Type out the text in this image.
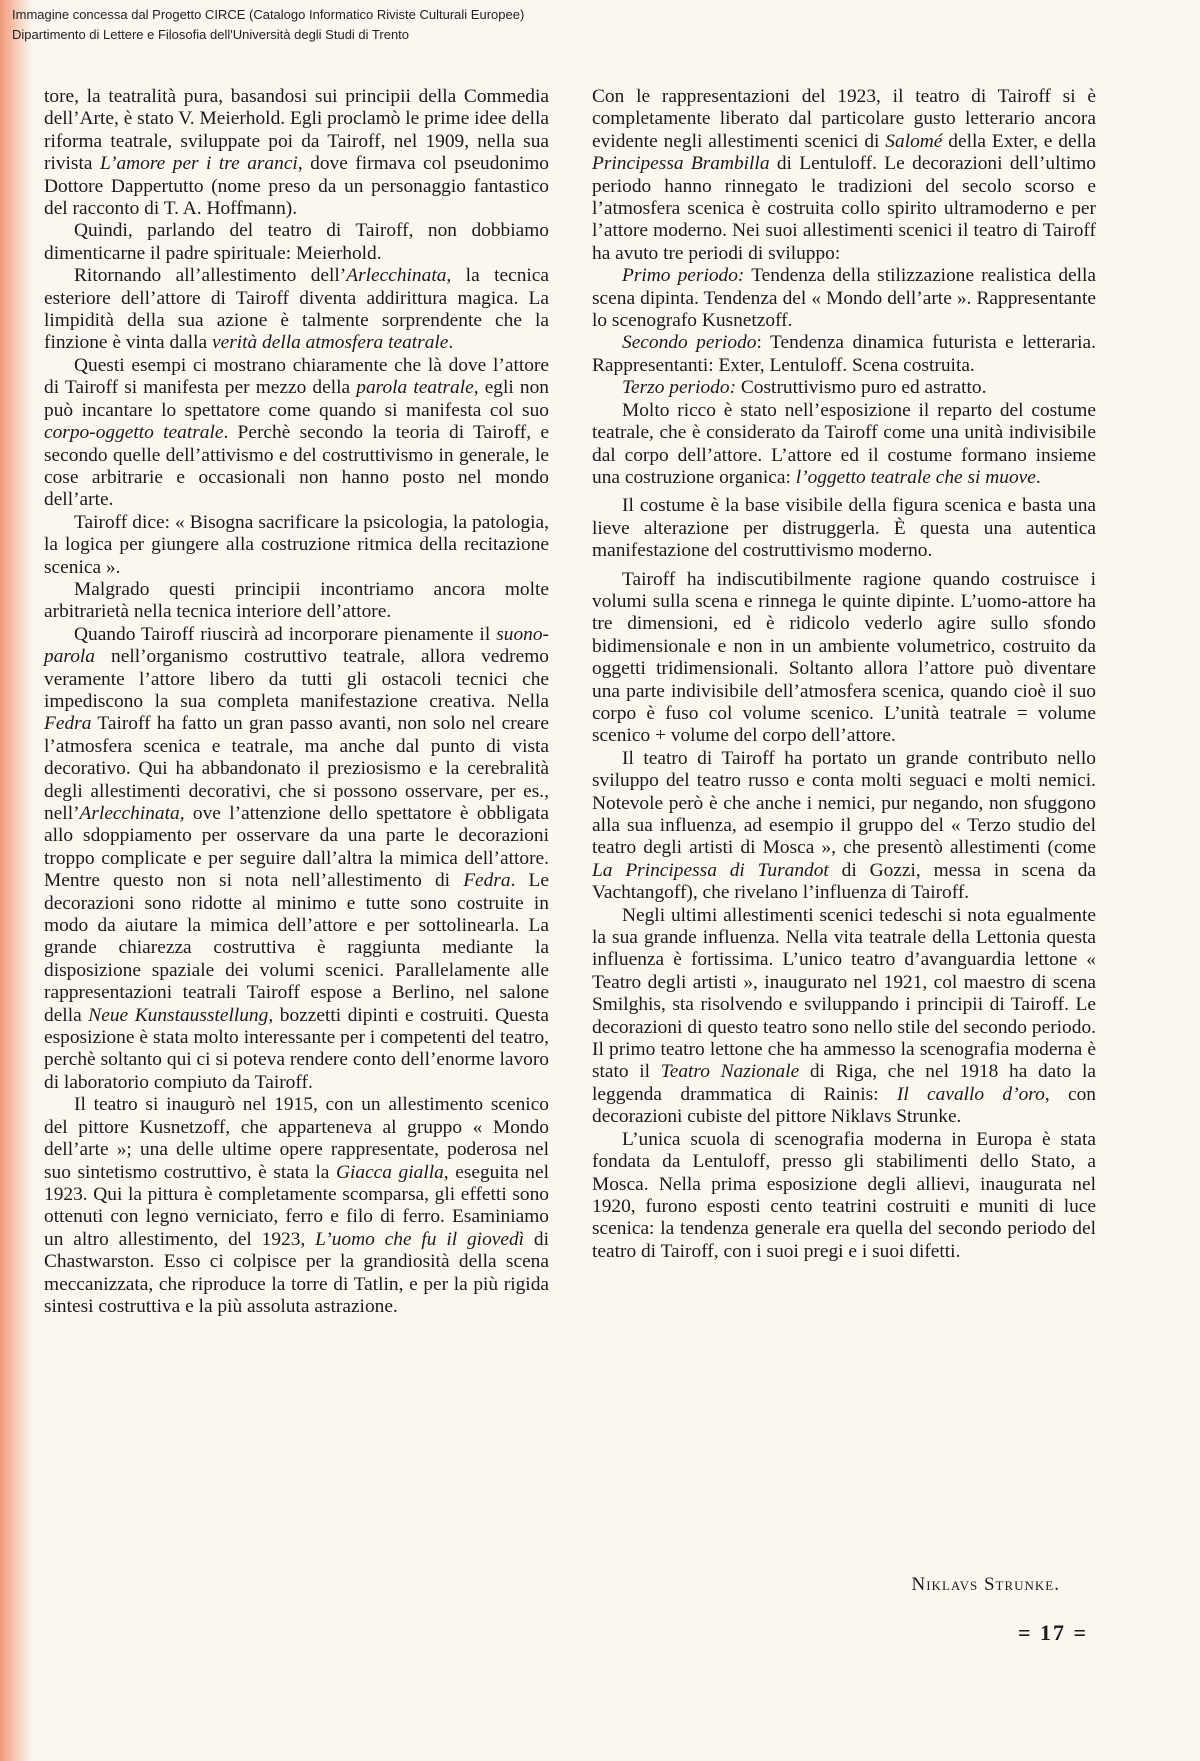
Immagine concessa dal Progetto CIRCE (Catalogo Informatico Riviste Culturali Europee)
Dipartimento di Lettere e Filosofia dell'Università degli Studi di Trento

tore, la teatralità pura, basandosi sui principii della Commedia dell’Arte, è stato V. Meierhold. Egli proclamò le prime idee della riforma teatrale, sviluppate poi da Tairoff, nel 1909, nella sua rivista L’amore per i tre aranci, dove firmava col pseudonimo Dottore Dappertutto (nome preso da un personaggio fantastico del racconto di T. A. Hoffmann).

Quindi, parlando del teatro di Tairoff, non dobbiamo dimenticarne il padre spirituale: Meierhold.

Ritornando all’allestimento dell’Arlecchinata, la tecnica esteriore dell’attore di Tairoff diventa addirittura magica. La limpidità della sua azione è talmente sorprendente che la finzione è vinta dalla verità della atmosfera teatrale.

Questi esempi ci mostrano chiaramente che là dove l’attore di Tairoff si manifesta per mezzo della parola teatrale, egli non può incantare lo spettatore come quando si manifesta col suo corpo-oggetto teatrale. Perchè secondo la teoria di Tairoff, e secondo quelle dell’attivismo e del costruttivismo in generale, le cose arbitrarie e occasionali non hanno posto nel mondo dell’arte.

Tairoff dice: « Bisogna sacrificare la psicologia, la patologia, la logica per giungere alla costruzione ritmica della recitazione scenica ».

Malgrado questi principii incontriamo ancora molte arbitrarietà nella tecnica interiore dell’attore.

Quando Tairoff riuscirà ad incorporare pienamente il suono-parola nell’organismo costruttivo teatrale, allora vedremo veramente l’attore libero da tutti gli ostacoli tecnici che impediscono la sua completa manifestazione creativa. Nella Fedra Tairoff ha fatto un gran passo avanti, non solo nel creare l’atmosfera scenica e teatrale, ma anche dal punto di vista decorativo. Qui ha abbandonato il preziosismo e la cerebralità degli allestimenti decorativi, che si possono osservare, per es., nell’Arlecchinata, ove l’attenzione dello spettatore è obbligata allo sdoppiamento per osservare da una parte le decorazioni troppo complicate e per seguire dall’altra la mimica dell’attore. Mentre questo non si nota nell’allestimento di Fedra. Le decorazioni sono ridotte al minimo e tutte sono costruite in modo da aiutare la mimica dell’attore e per sottolinearla. La grande chiarezza costruttiva è raggiunta mediante la disposizione spaziale dei volumi scenici. Parallelamente alle rappresentazioni teatrali Tairoff espose a Berlino, nel salone della Neue Kunstausstellung, bozzetti dipinti e costruiti. Questa esposizione è stata molto interessante per i competenti del teatro, perchè soltanto qui ci si poteva rendere conto dell’enorme lavoro di laboratorio compiuto da Tairoff.

Il teatro si inaugurò nel 1915, con un allestimento scenico del pittore Kusnetzoff, che apparteneva al gruppo « Mondo dell’arte »; una delle ultime opere rappresentate, poderosa nel suo sintetismo costruttivo, è stata la Giacca gialla, eseguita nel 1923. Qui la pittura è completamente scomparsa, gli effetti sono ottenuti con legno verniciato, ferro e filo di ferro. Esaminiamo un altro allestimento, del 1923, L’uomo che fu il giovedì di Chastwarston. Esso ci colpisce per la grandiosità della scena meccanizzata, che riproduce la torre di Tatlin, e per la più rigida sintesi costruttiva e la più assoluta astrazione.

Con le rappresentazioni del 1923, il teatro di Tairoff si è completamente liberato dal particolare gusto letterario ancora evidente negli allestimenti scenici di Salomé della Exter, e della Principessa Brambilla di Lentuloff. Le decorazioni dell’ultimo periodo hanno rinnegato le tradizioni del secolo scorso e l’atmosfera scenica è costruita collo spirito ultramoderno e per l’attore moderno. Nei suoi allestimenti scenici il teatro di Tairoff ha avuto tre periodi di sviluppo:

Primo periodo: Tendenza della stilizzazione realistica della scena dipinta. Tendenza del « Mondo dell’arte ». Rappresentante lo scenografo Kusnetzoff.

Secondo periodo: Tendenza dinamica futurista e letteraria. Rappresentanti: Exter, Lentuloff. Scena costruita.

Terzo periodo: Costruttivismo puro ed astratto.

Molto ricco è stato nell’esposizione il reparto del costume teatrale, che è considerato da Tairoff come una unità indivisibile dal corpo dell’attore. L’attore ed il costume formano insieme una costruzione organica: l’oggetto teatrale che si muove.

Il costume è la base visibile della figura scenica e basta una lieve alterazione per distruggerla. È questa una autentica manifestazione del costruttivismo moderno.

Tairoff ha indiscutibilmente ragione quando costruisce i volumi sulla scena e rinnega le quinte dipinte. L’uomo-attore ha tre dimensioni, ed è ridicolo vederlo agire sullo sfondo bidimensionale e non in un ambiente volumetrico, costruito da oggetti tridimensionali. Soltanto allora l’attore può diventare una parte indivisibile dell’atmosfera scenica, quando cioè il suo corpo è fuso col volume scenico. L’unità teatrale = volume scenico + volume del corpo dell’attore.

Il teatro di Tairoff ha portato un grande contributo nello sviluppo del teatro russo e conta molti seguaci e molti nemici. Notevole però è che anche i nemici, pur negando, non sfuggono alla sua influenza, ad esempio il gruppo del « Terzo studio del teatro degli artisti di Mosca », che presentò allestimenti (come La Principessa di Turandot di Gozzi, messa in scena da Vachtangoff), che rivelano l’influenza di Tairoff.

Negli ultimi allestimenti scenici tedeschi si nota egualmente la sua grande influenza. Nella vita teatrale della Lettonia questa influenza è fortissima. L’unico teatro d’avanguardia lettone « Teatro degli artisti », inaugurato nel 1921, col maestro di scena Smilghis, sta risolvendo e sviluppando i principii di Tairoff. Le decorazioni di questo teatro sono nello stile del secondo periodo. Il primo teatro lettone che ha ammesso la scenografia moderna è stato il Teatro Nazionale di Riga, che nel 1918 ha dato la leggenda drammatica di Rainis: Il cavallo d’oro, con decorazioni cubiste del pittore Niklavs Strunke.

L’unica scuola di scenografia moderna in Europa è stata fondata da Lentuloff, presso gli stabilimenti dello Stato, a Mosca. Nella prima esposizione degli allievi, inaugurata nel 1920, furono esposti cento teatrini costruiti e muniti di luce scenica: la tendenza generale era quella del secondo periodo del teatro di Tairoff, con i suoi pregi e i suoi difetti.

Niklavs Strunke.
= 17 =
